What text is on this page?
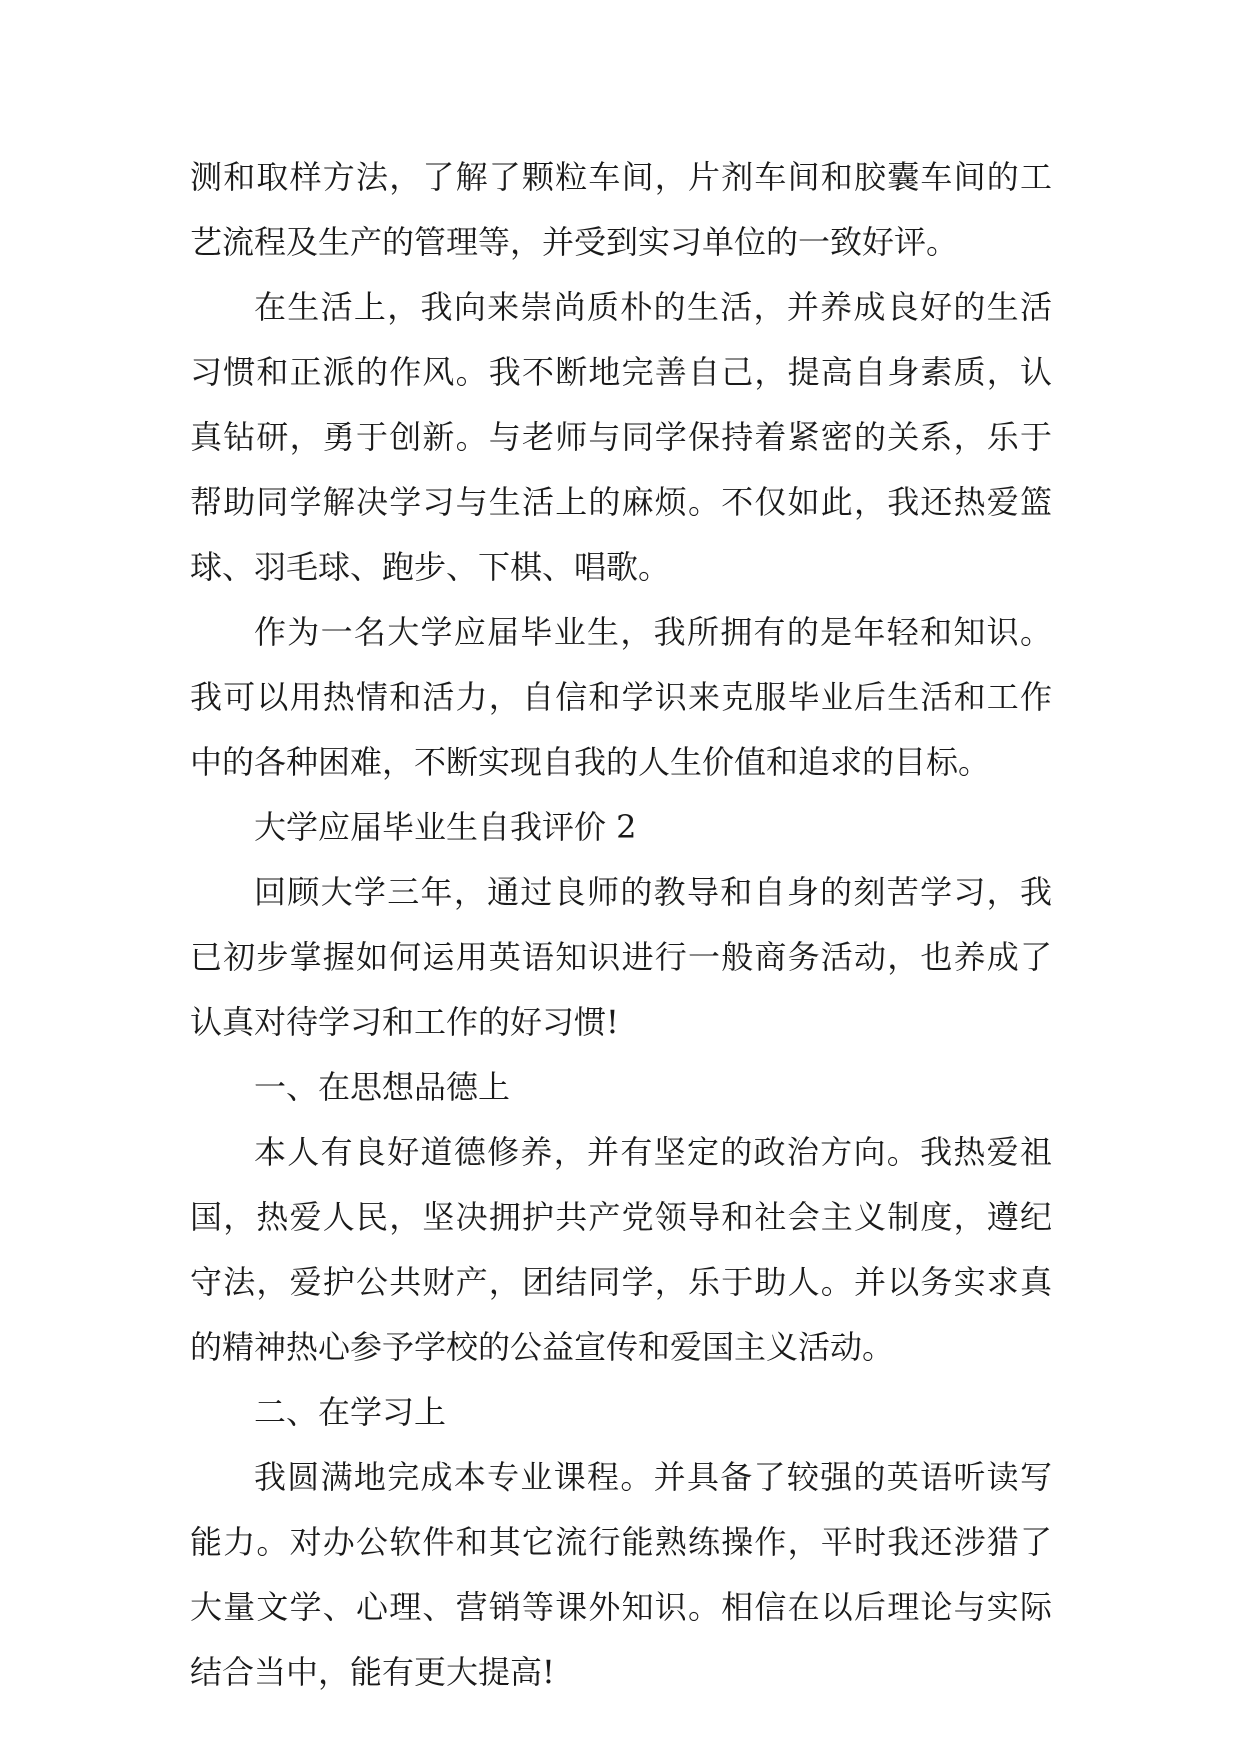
测和取样方法，了解了颗粒车间，片剂车间和胶囊车间的工
艺流程及生产的管理等，并受到实习单位的一致好评。
在生活上，我向来崇尚质朴的生活，并养成良好的生活
习惯和正派的作风。我不断地完善自己，提高自身素质，认
真钻研，勇于创新。与老师与同学保持着紧密的关系，乐于
帮助同学解决学习与生活上的麻烦。不仅如此，我还热爱篮
球、羽毛球、跑步、下棋、唱歌。
作为一名大学应届毕业生，我所拥有的是年轻和知识。
我可以用热情和活力，自信和学识来克服毕业后生活和工作
中的各种困难，不断实现自我的人生价值和追求的目标。
大学应届毕业生自我评价 2
回顾大学三年，通过良师的教导和自身的刻苦学习，我
已初步掌握如何运用英语知识进行一般商务活动，也养成了
认真对待学习和工作的好习惯!
一、在思想品德上
本人有良好道德修养，并有坚定的政治方向。我热爱祖
国，热爱人民，坚决拥护共产党领导和社会主义制度，遵纪
守法，爱护公共财产，团结同学，乐于助人。并以务实求真
的精神热心参予学校的公益宣传和爱国主义活动。
二、在学习上
我圆满地完成本专业课程。并具备了较强的英语听读写
能力。对办公软件和其它流行能熟练操作，平时我还涉猎了
大量文学、心理、营销等课外知识。相信在以后理论与实际
结合当中，能有更大提高!
